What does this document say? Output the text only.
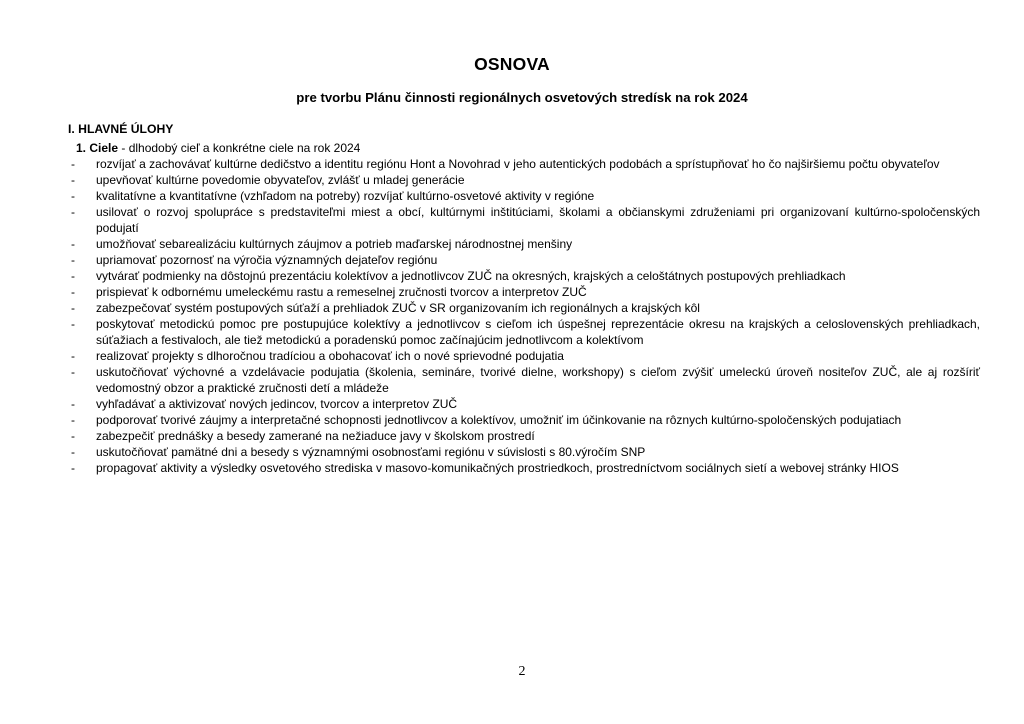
OSNOVA
pre tvorbu Plánu činnosti regionálnych osvetových stredísk na rok 2024
I. HLAVNÉ ÚLOHY
1. Ciele - dlhodobý cieľ a konkrétne ciele na rok 2024
- rozvíjať a zachovávať kultúrne dedičstvo a identitu regiónu Hont a Novohrad v jeho autentických podobách a sprístupňovať ho čo najširšiemu počtu obyvateľov
- upevňovať kultúrne povedomie obyvateľov, zvlášť u mladej generácie
- kvalitatívne a kvantitatívne (vzhľadom na potreby) rozvíjať kultúrno-osvetové aktivity v regióne
- usilovať o rozvoj spolupráce s predstaviteľmi miest a obcí, kultúrnymi inštitúciami, školami a občianskymi združeniami pri organizovaní kultúrno-spoločenských podujatí
- umožňovať sebarealizáciu kultúrnych záujmov a potrieb maďarskej národnostnej menšiny
- upriamovať pozornosť na výročia významných dejateľov regiónu
- vytvárať podmienky na dôstojnú prezentáciu kolektívov a jednotlivcov ZUČ na okresných, krajských a celoštátnych postupových prehliadkach
- prispievať k odbornému umeleckému rastu a remeselnej zručnosti tvorcov a interpretov ZUČ
- zabezpečovať systém postupových súťaží a prehliadok ZUČ v SR organizovaním ich regionálnych a krajských kôl
- poskytovať metodickú pomoc pre postupujúce kolektívy a jednotlivcov s cieľom ich úspešnej reprezentácie okresu na krajských a celoslovenských prehliadkach, súťažiach a festivaloch, ale tiež metodickú a poradenskú pomoc začínajúcim jednotlivcom a kolektívom
- realizovať projekty s dlhoročnou tradíciou a obohacovať ich o nové sprievodné podujatia
- uskutočňovať výchovné a vzdelávacie podujatia (školenia, semináre, tvorivé dielne, workshopy) s cieľom zvýšiť umeleckú úroveň nositeľov ZUČ, ale aj rozšíriť vedomostný obzor a praktické zručnosti detí a mládeže
- vyhľadávať a aktivizovať nových jedincov, tvorcov a interpretov ZUČ
- podporovať tvorivé záujmy a interpretačné schopnosti jednotlivcov a kolektívov, umožniť im účinkovanie na rôznych kultúrno-spoločenských podujatiach
- zabezpečiť prednášky a besedy zamerané na nežiaduce javy v školskom prostredí
- uskutočňovať pamätné dni a besedy s významnými osobnosťami regiónu v súvislosti s 80.výročím SNP
- propagovať aktivity a výsledky osvetového strediska v masovo-komunikačných prostriedkoch, prostredníctvom sociálnych sietí a webovej stránky HIOS
2
